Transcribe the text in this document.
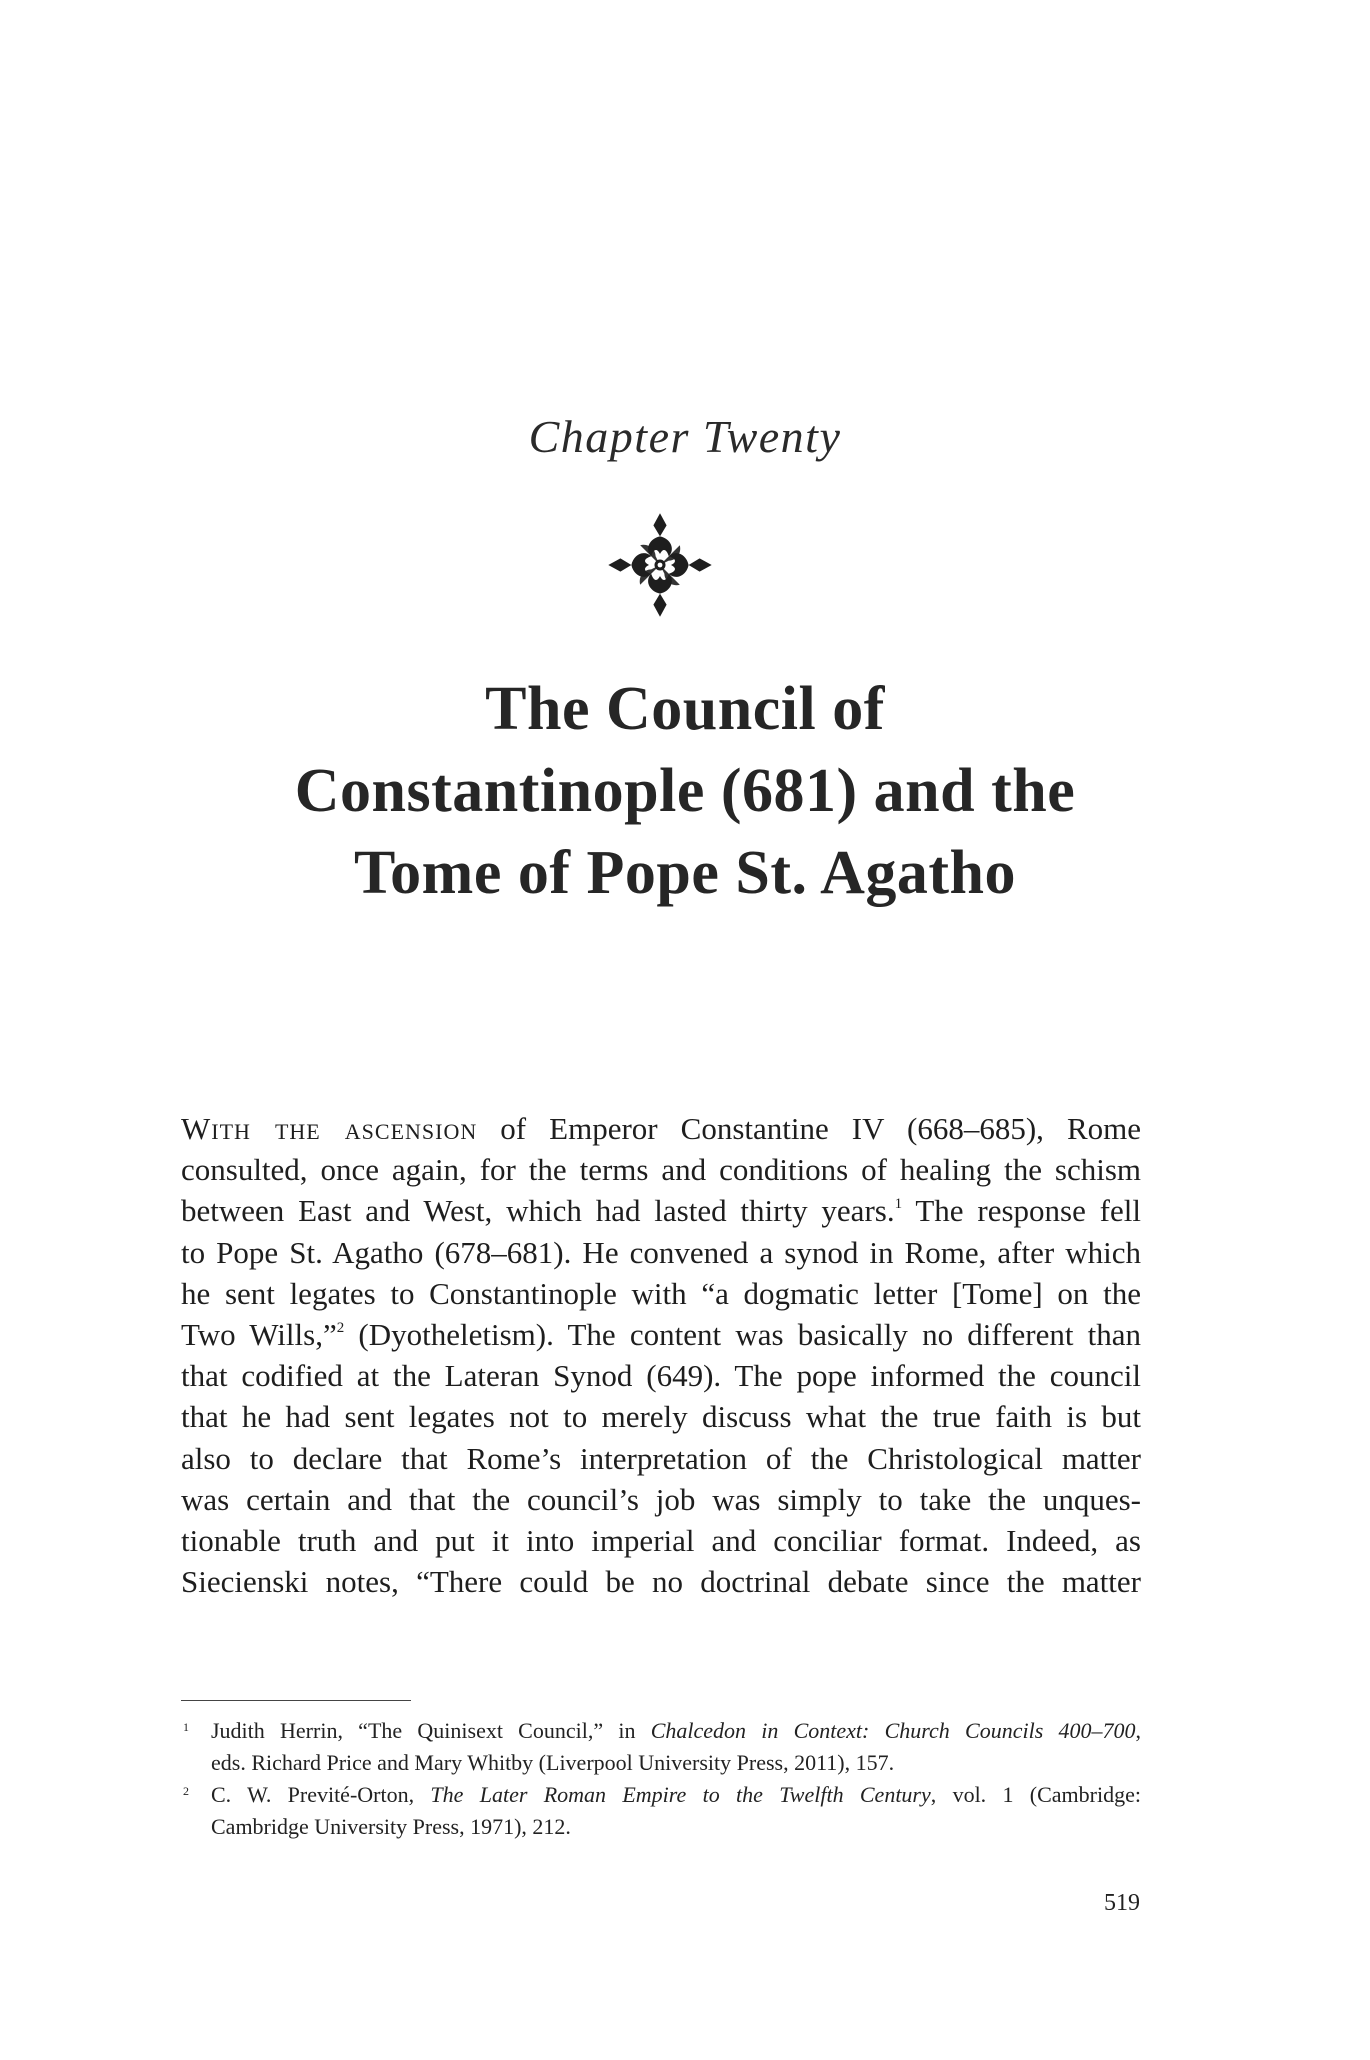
Chapter Twenty
The Council of
Constantinople (681) and the
Tome of Pope St. Agatho
With the ascension of Emperor Constantine IV (668–685), Rome
consulted, once again, for the terms and conditions of healing the schism
between East and West, which had lasted thirty years.$^1$ The response fell
to Pope St. Agatho (678–681). He convened a synod in Rome, after which
he sent legates to Constantinople with “a dogmatic letter [Tome] on the
Two Wills,”$^2$ (Dyotheletism). The content was basically no different than
that codified at the Lateran Synod (649). The pope informed the council
that he had sent legates not to merely discuss what the true faith is but
also to declare that Rome’s interpretation of the Christological matter
was certain and that the council’s job was simply to take the unques-
tionable truth and put it into imperial and conciliar format. Indeed, as
Siecienski notes, “There could be no doctrinal debate since the matter
1 Judith Herrin, “The Quinisext Council,” in Chalcedon in Context: Church Councils 400–700,
eds. Richard Price and Mary Whitby (Liverpool University Press, 2011), 157.
2 C. W. Previté-Orton, The Later Roman Empire to the Twelfth Century, vol. 1 (Cambridge:
Cambridge University Press, 1971), 212.
519
